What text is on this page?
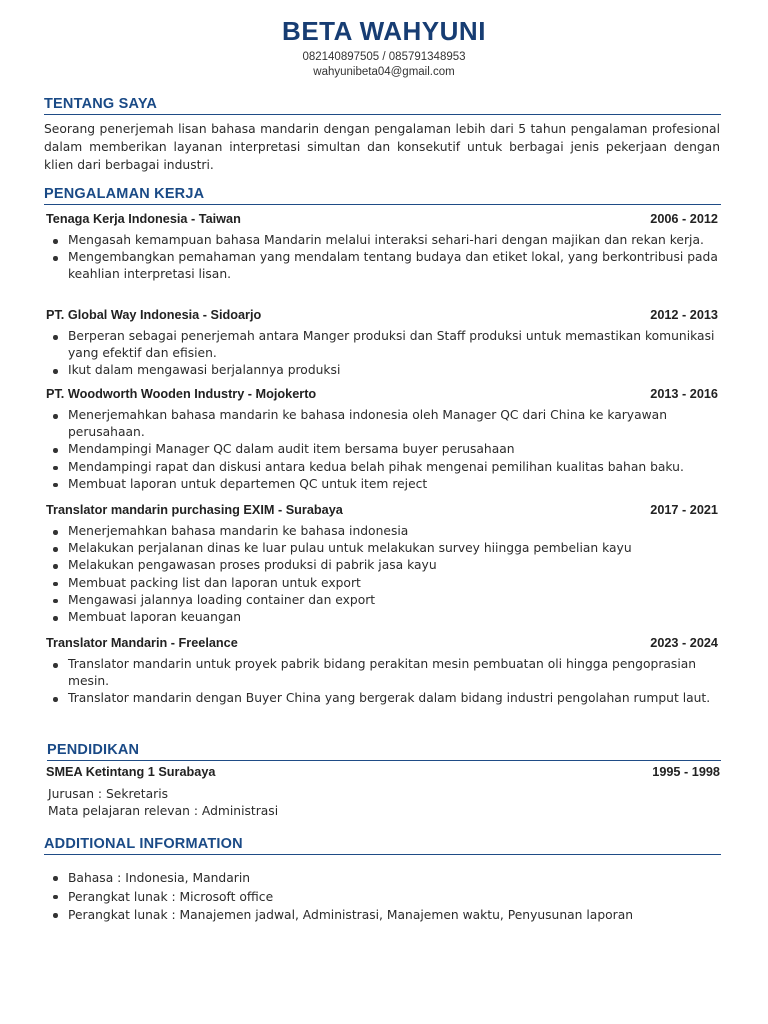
BETA WAHYUNI
082140897505 / 085791348953
wahyunibeta04@gmail.com
TENTANG SAYA
Seorang penerjemah lisan bahasa mandarin dengan pengalaman lebih dari 5 tahun pengalaman profesional dalam memberikan layanan interpretasi simultan dan konsekutif untuk berbagai jenis pekerjaan dengan klien dari berbagai industri.
PENGALAMAN KERJA
Tenaga Kerja Indonesia - Taiwan	2006 - 2012
Mengasah kemampuan bahasa Mandarin melalui interaksi sehari-hari dengan majikan dan rekan kerja.
Mengembangkan pemahaman yang mendalam tentang budaya dan etiket lokal, yang berkontribusi pada keahlian interpretasi lisan.
PT. Global Way Indonesia - Sidoarjo	2012 - 2013
Berperan sebagai penerjemah antara Manger produksi dan Staff produksi untuk memastikan komunikasi yang efektif dan efisien.
Ikut dalam mengawasi berjalannya produksi
PT. Woodworth Wooden Industry - Mojokerto	2013 - 2016
Menerjemahkan bahasa mandarin ke bahasa indonesia oleh Manager QC dari China ke karyawan perusahaan.
Mendampingi Manager QC dalam audit item bersama buyer perusahaan
Mendampingi rapat dan diskusi antara kedua belah pihak mengenai pemilihan kualitas bahan baku.
Membuat laporan untuk departemen QC untuk item reject
Translator mandarin purchasing EXIM - Surabaya	2017 - 2021
Menerjemahkan bahasa mandarin ke bahasa indonesia
Melakukan perjalanan dinas ke luar pulau untuk melakukan survey hiingga pembelian kayu
Melakukan pengawasan proses produksi di pabrik jasa kayu
Membuat packing list dan laporan untuk export
Mengawasi jalannya loading container dan export
Membuat laporan keuangan
Translator Mandarin - Freelance	2023 - 2024
Translator mandarin untuk proyek pabrik bidang perakitan mesin pembuatan oli hingga pengoprasian mesin.
Translator mandarin dengan Buyer China yang bergerak dalam bidang industri pengolahan rumput laut.
PENDIDIKAN
SMEA Ketintang 1 Surabaya	1995 - 1998
Jurusan : Sekretaris
Mata pelajaran relevan : Administrasi
ADDITIONAL INFORMATION
Bahasa : Indonesia, Mandarin
Perangkat lunak : Microsoft office
Perangkat lunak : Manajemen jadwal, Administrasi, Manajemen waktu, Penyusunan laporan
